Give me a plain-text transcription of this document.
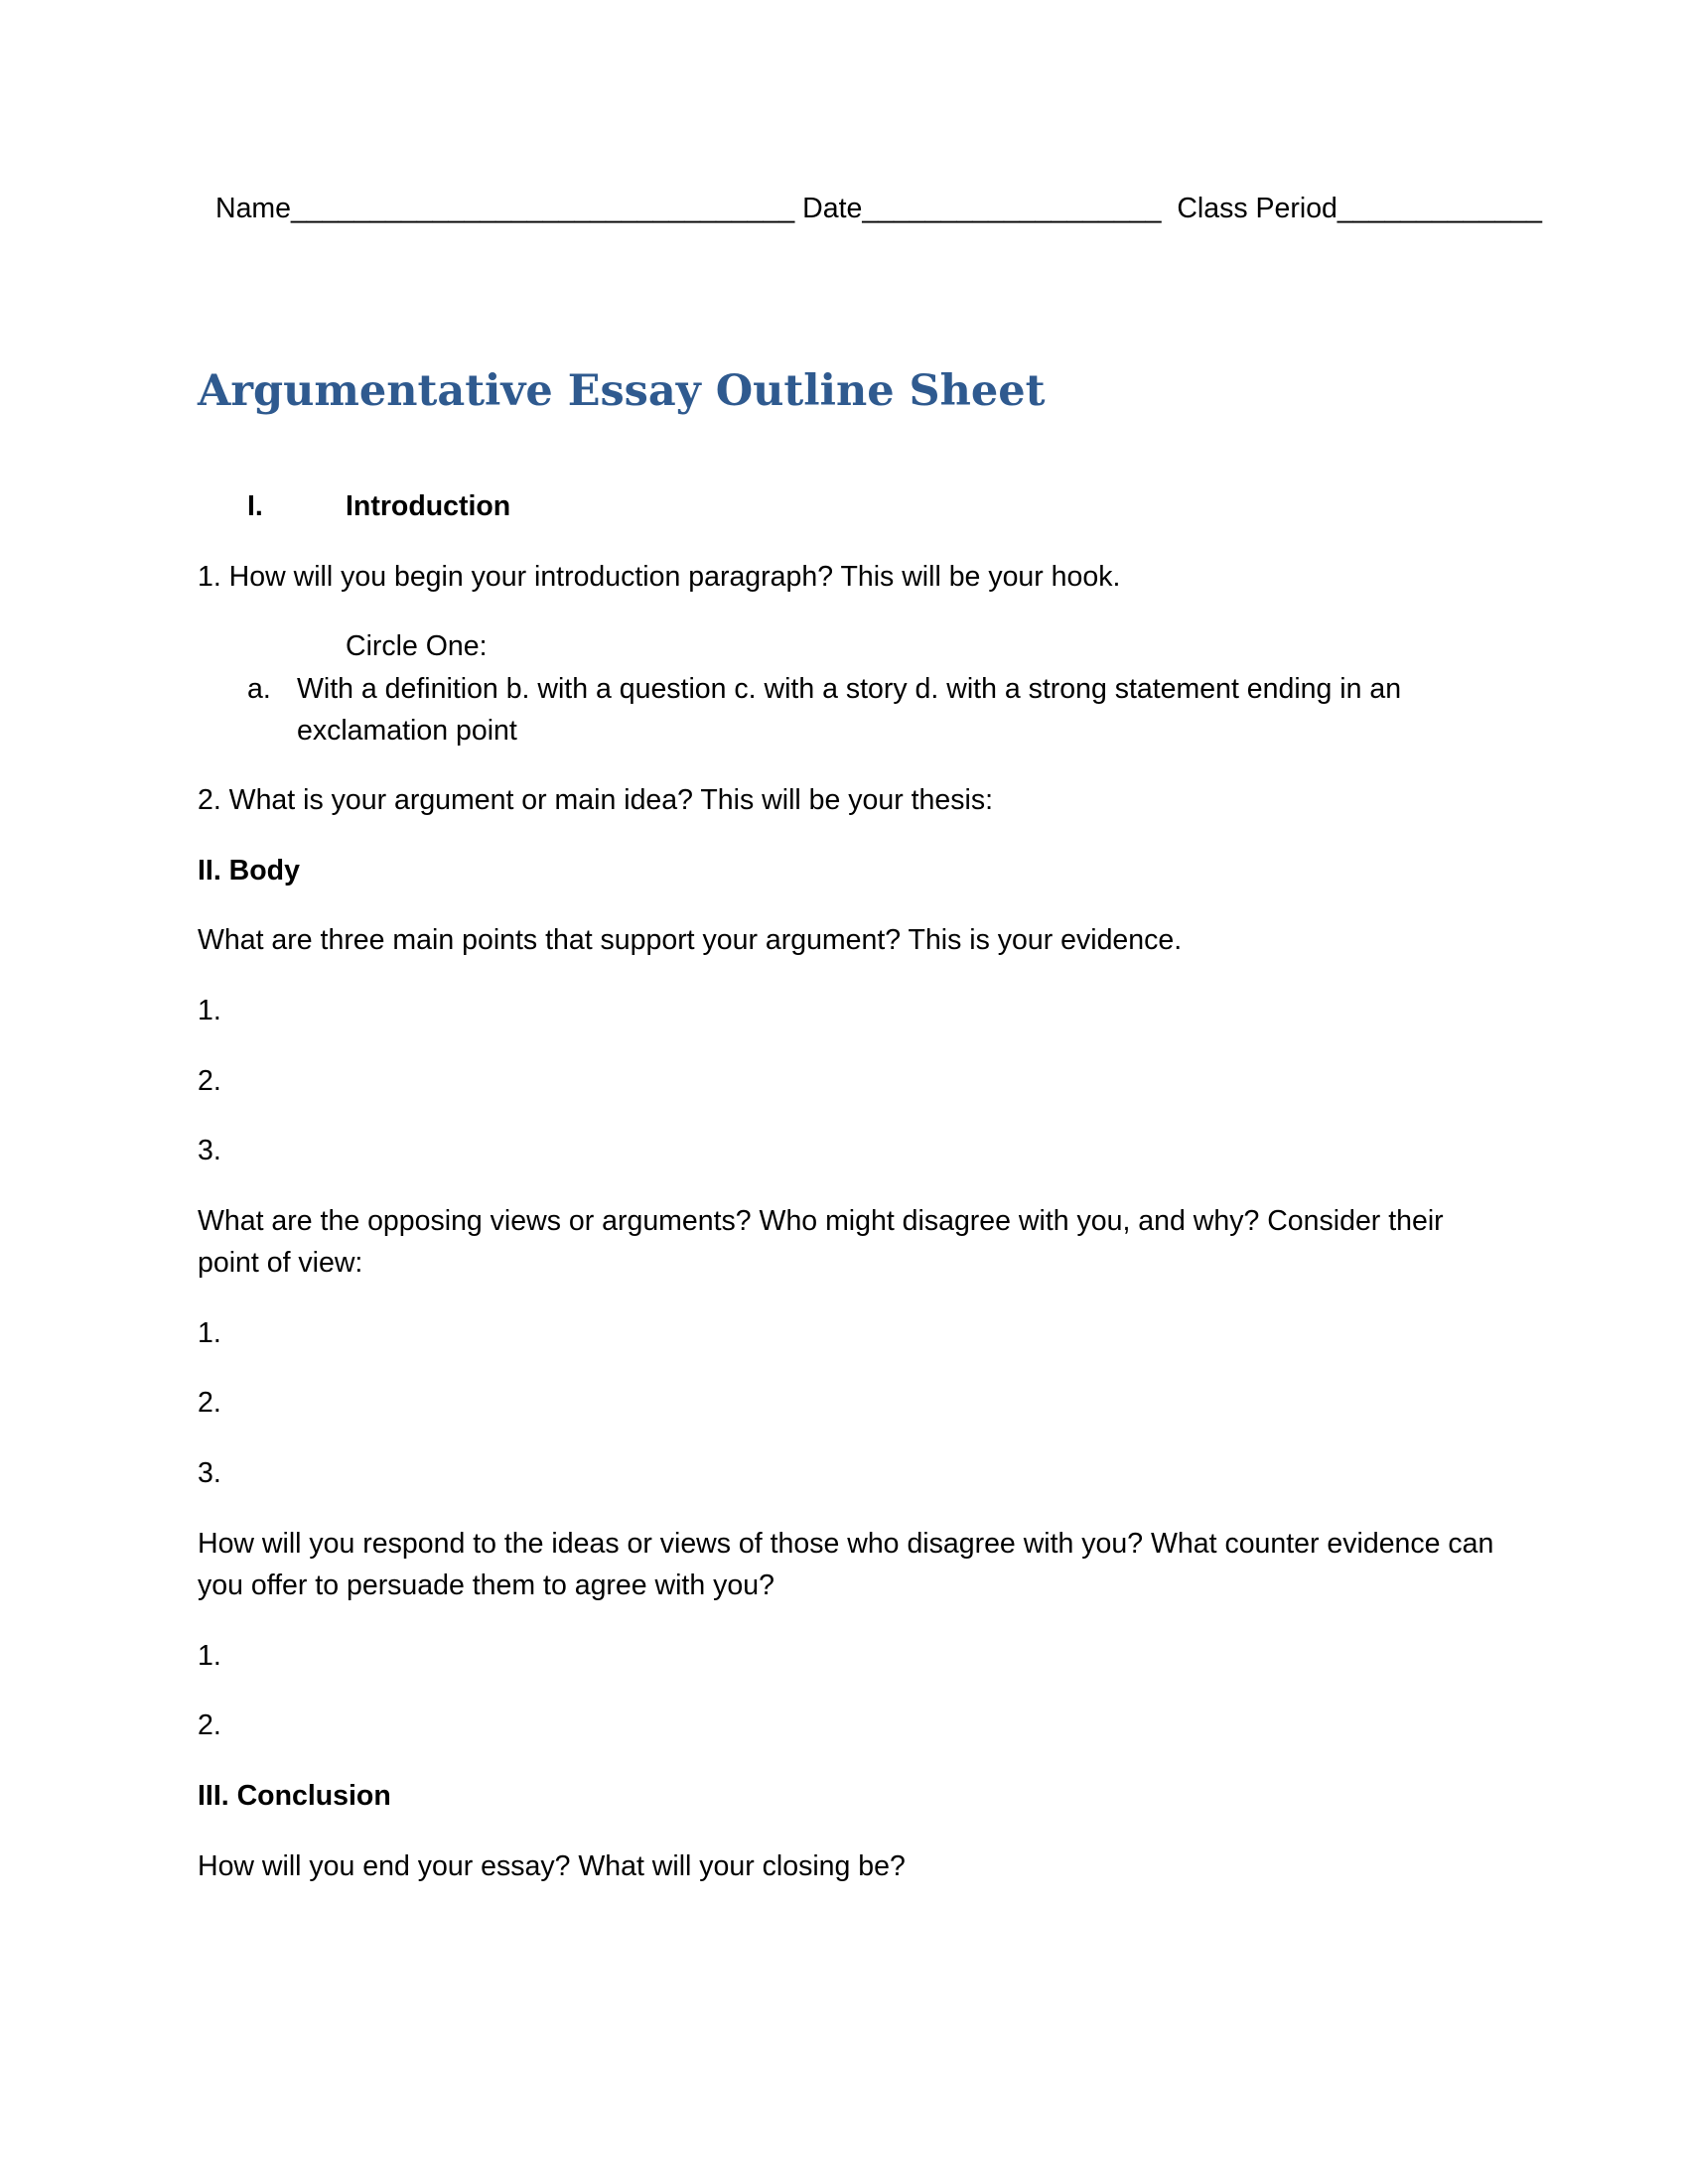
Name________________________________ Date___________________  Class Period_____________
Argumentative Essay Outline Sheet
I.	Introduction
1. How will you begin your introduction paragraph? This will be your hook.
Circle One:
a. With a definition b. with a question c. with a story d. with a strong statement ending in an exclamation point
2. What is your argument or main idea? This will be your thesis:
II. Body
What are three main points that support your argument? This is your evidence.
1.
2.
3.
What are the opposing views or arguments? Who might disagree with you, and why? Consider their point of view:
1.
2.
3.
How will you respond to the ideas or views of those who disagree with you? What counter evidence can you offer to persuade them to agree with you?
1.
2.
III. Conclusion
How will you end your essay? What will your closing be?
